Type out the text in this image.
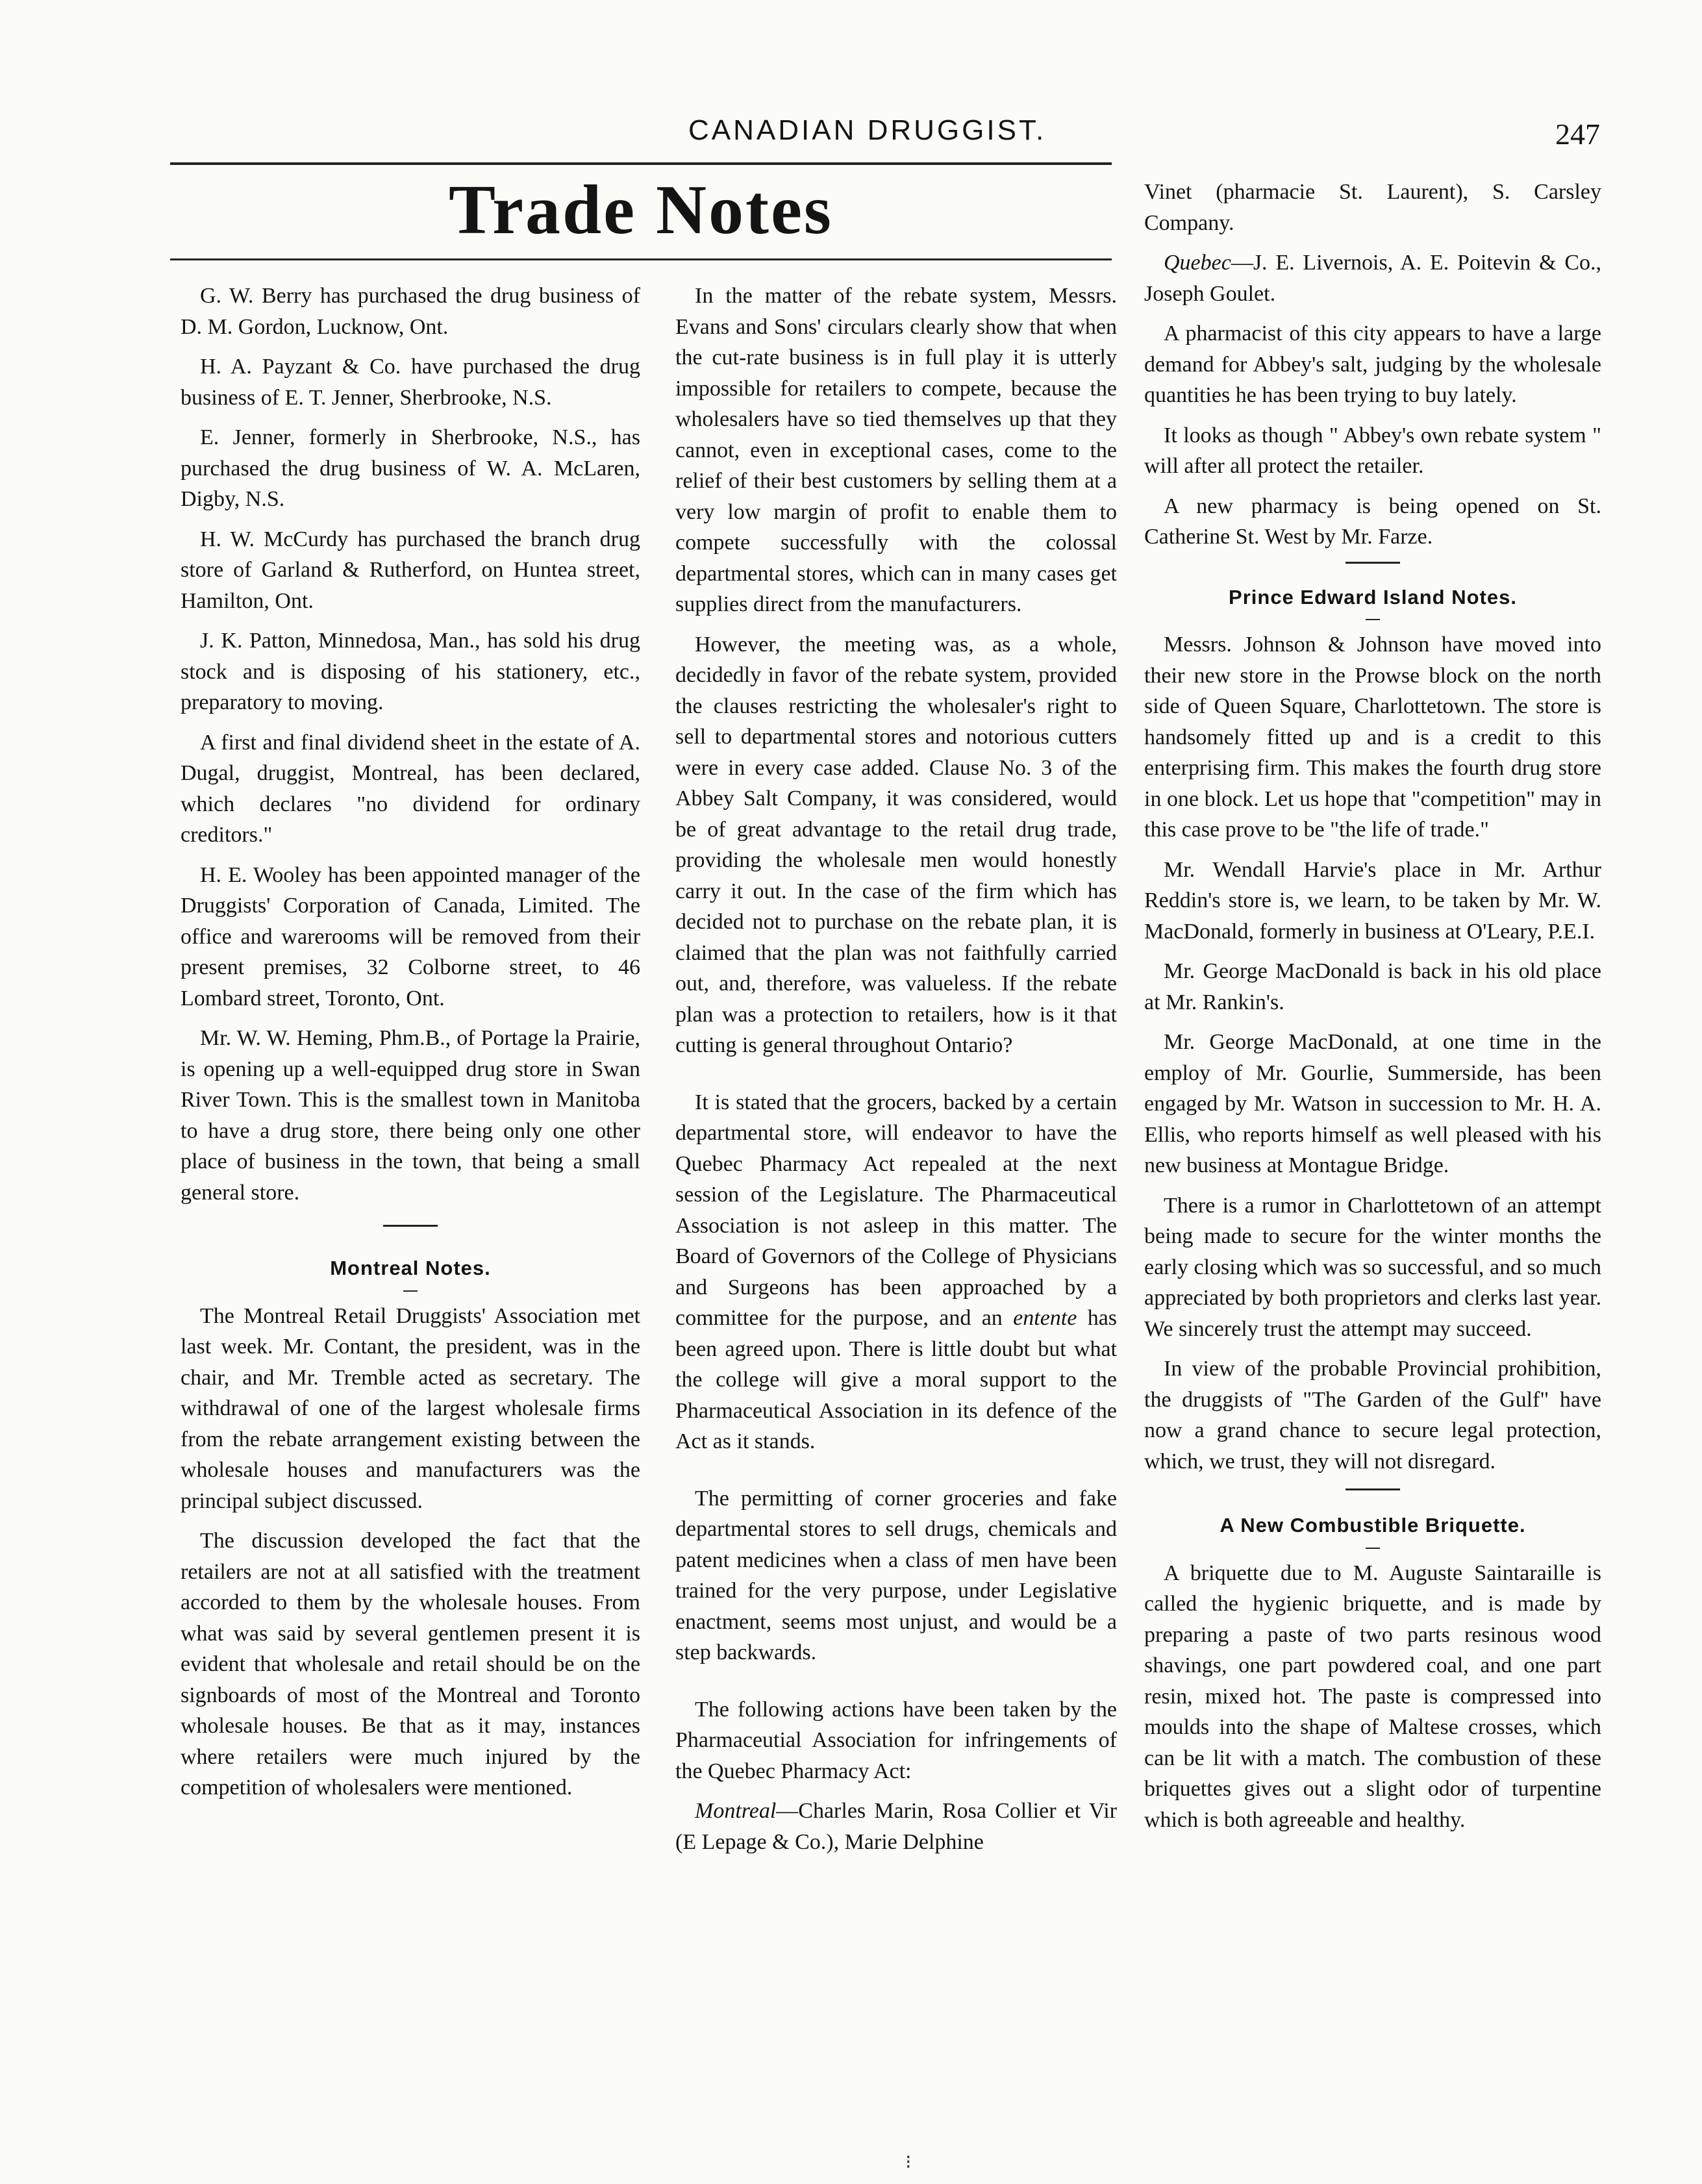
CANADIAN DRUGGIST.	247
Trade Notes

G. W. Berry has purchased the drug business of D. M. Gordon, Lucknow, Ont.

H. A. Payzant & Co. have purchased the drug business of E. T. Jenner, Sherbrooke, N.S.

E. Jenner, formerly in Sherbrooke, N.S., has purchased the drug business of W. A. McLaren, Digby, N.S.

H. W. McCurdy has purchased the branch drug store of Garland & Rutherford, on Huntea street, Hamilton, Ont.

J. K. Patton, Minnedosa, Man., has sold his drug stock and is disposing of his stationery, etc., preparatory to moving.

A first and final dividend sheet in the estate of A. Dugal, druggist, Montreal, has been declared, which declares "no dividend for ordinary creditors."

H. E. Wooley has been appointed manager of the Druggists' Corporation of Canada, Limited. The office and warerooms will be removed from their present premises, 32 Colborne street, to 46 Lombard street, Toronto, Ont.

Mr. W. W. Heming, Phm.B., of Portage la Prairie, is opening up a well-equipped drug store in Swan River Town. This is the smallest town in Manitoba to have a drug store, there being only one other place of business in the town, that being a small general store.

Montreal Notes.

The Montreal Retail Druggists' Association met last week. Mr. Contant, the president, was in the chair, and Mr. Tremble acted as secretary. The withdrawal of one of the largest wholesale firms from the rebate arrangement existing between the wholesale houses and manufacturers was the principal subject discussed.

The discussion developed the fact that the retailers are not at all satisfied with the treatment accorded to them by the wholesale houses. From what was said by several gentlemen present it is evident that wholesale and retail should be on the signboards of most of the Montreal and Toronto wholesale houses. Be that as it may, instances where retailers were much injured by the competition of wholesalers were mentioned.

In the matter of the rebate system, Messrs. Evans and Sons' circulars clearly show that when the cut-rate business is in full play it is utterly impossible for retailers to compete, because the wholesalers have so tied themselves up that they cannot, even in exceptional cases, come to the relief of their best customers by selling them at a very low margin of profit to enable them to compete successfully with the colossal departmental stores, which can in many cases get supplies direct from the manufacturers.

However, the meeting was, as a whole, decidedly in favor of the rebate system, provided the clauses restricting the wholesaler's right to sell to departmental stores and notorious cutters were in every case added. Clause No. 3 of the Abbey Salt Company, it was considered, would be of great advantage to the retail drug trade, providing the wholesale men would honestly carry it out. In the case of the firm which has decided not to purchase on the rebate plan, it is claimed that the plan was not faithfully carried out, and, therefore, was valueless. If the rebate plan was a protection to retailers, how is it that cutting is general throughout Ontario?

It is stated that the grocers, backed by a certain departmental store, will endeavor to have the Quebec Pharmacy Act repealed at the next session of the Legislature. The Pharmaceutical Association is not asleep in this matter. The Board of Governors of the College of Physicians and Surgeons has been approached by a committee for the purpose, and an entente has been agreed upon. There is little doubt but what the college will give a moral support to the Pharmaceutical Association in its defence of the Act as it stands.

The permitting of corner groceries and fake departmental stores to sell drugs, chemicals and patent medicines when a class of men have been trained for the very purpose, under Legislative enactment, seems most unjust, and would be a step backwards.

The following actions have been taken by the Pharmaceutial Association for infringements of the Quebec Pharmacy Act:

Montreal—Charles Marin, Rosa Collier et Vir (E Lepage & Co.), Marie Delphine

Vinet (pharmacie St. Laurent), S. Carsley Company.

Quebec—J. E. Livernois, A. E. Poitevin & Co., Joseph Goulet.

A pharmacist of this city appears to have a large demand for Abbey's salt, judging by the wholesale quantities he has been trying to buy lately.

It looks as though " Abbey's own rebate system " will after all protect the retailer.

A new pharmacy is being opened on St. Catherine St. West by Mr. Farze.

Prince Edward Island Notes.

Messrs. Johnson & Johnson have moved into their new store in the Prowse block on the north side of Queen Square, Charlottetown. The store is handsomely fitted up and is a credit to this enterprising firm. This makes the fourth drug store in one block. Let us hope that "competition" may in this case prove to be "the life of trade."

Mr. Wendall Harvie's place in Mr. Arthur Reddin's store is, we learn, to be taken by Mr. W. MacDonald, formerly in business at O'Leary, P.E.I.

Mr. George MacDonald is back in his old place at Mr. Rankin's.

Mr. George MacDonald, at one time in the employ of Mr. Gourlie, Summerside, has been engaged by Mr. Watson in succession to Mr. H. A. Ellis, who reports himself as well pleased with his new business at Montague Bridge.

There is a rumor in Charlottetown of an attempt being made to secure for the winter months the early closing which was so successful, and so much appreciated by both proprietors and clerks last year. We sincerely trust the attempt may succeed.

In view of the probable Provincial prohibition, the druggists of "The Garden of the Gulf" have now a grand chance to secure legal protection, which, we trust, they will not disregard.

A New Combustible Briquette.

A briquette due to M. Auguste Saintaraille is called the hygienic briquette, and is made by preparing a paste of two parts resinous wood shavings, one part powdered coal, and one part resin, mixed hot. The paste is compressed into moulds into the shape of Maltese crosses, which can be lit with a match. The combustion of these briquettes gives out a slight odor of turpentine which is both agreeable and healthy.

⁝
